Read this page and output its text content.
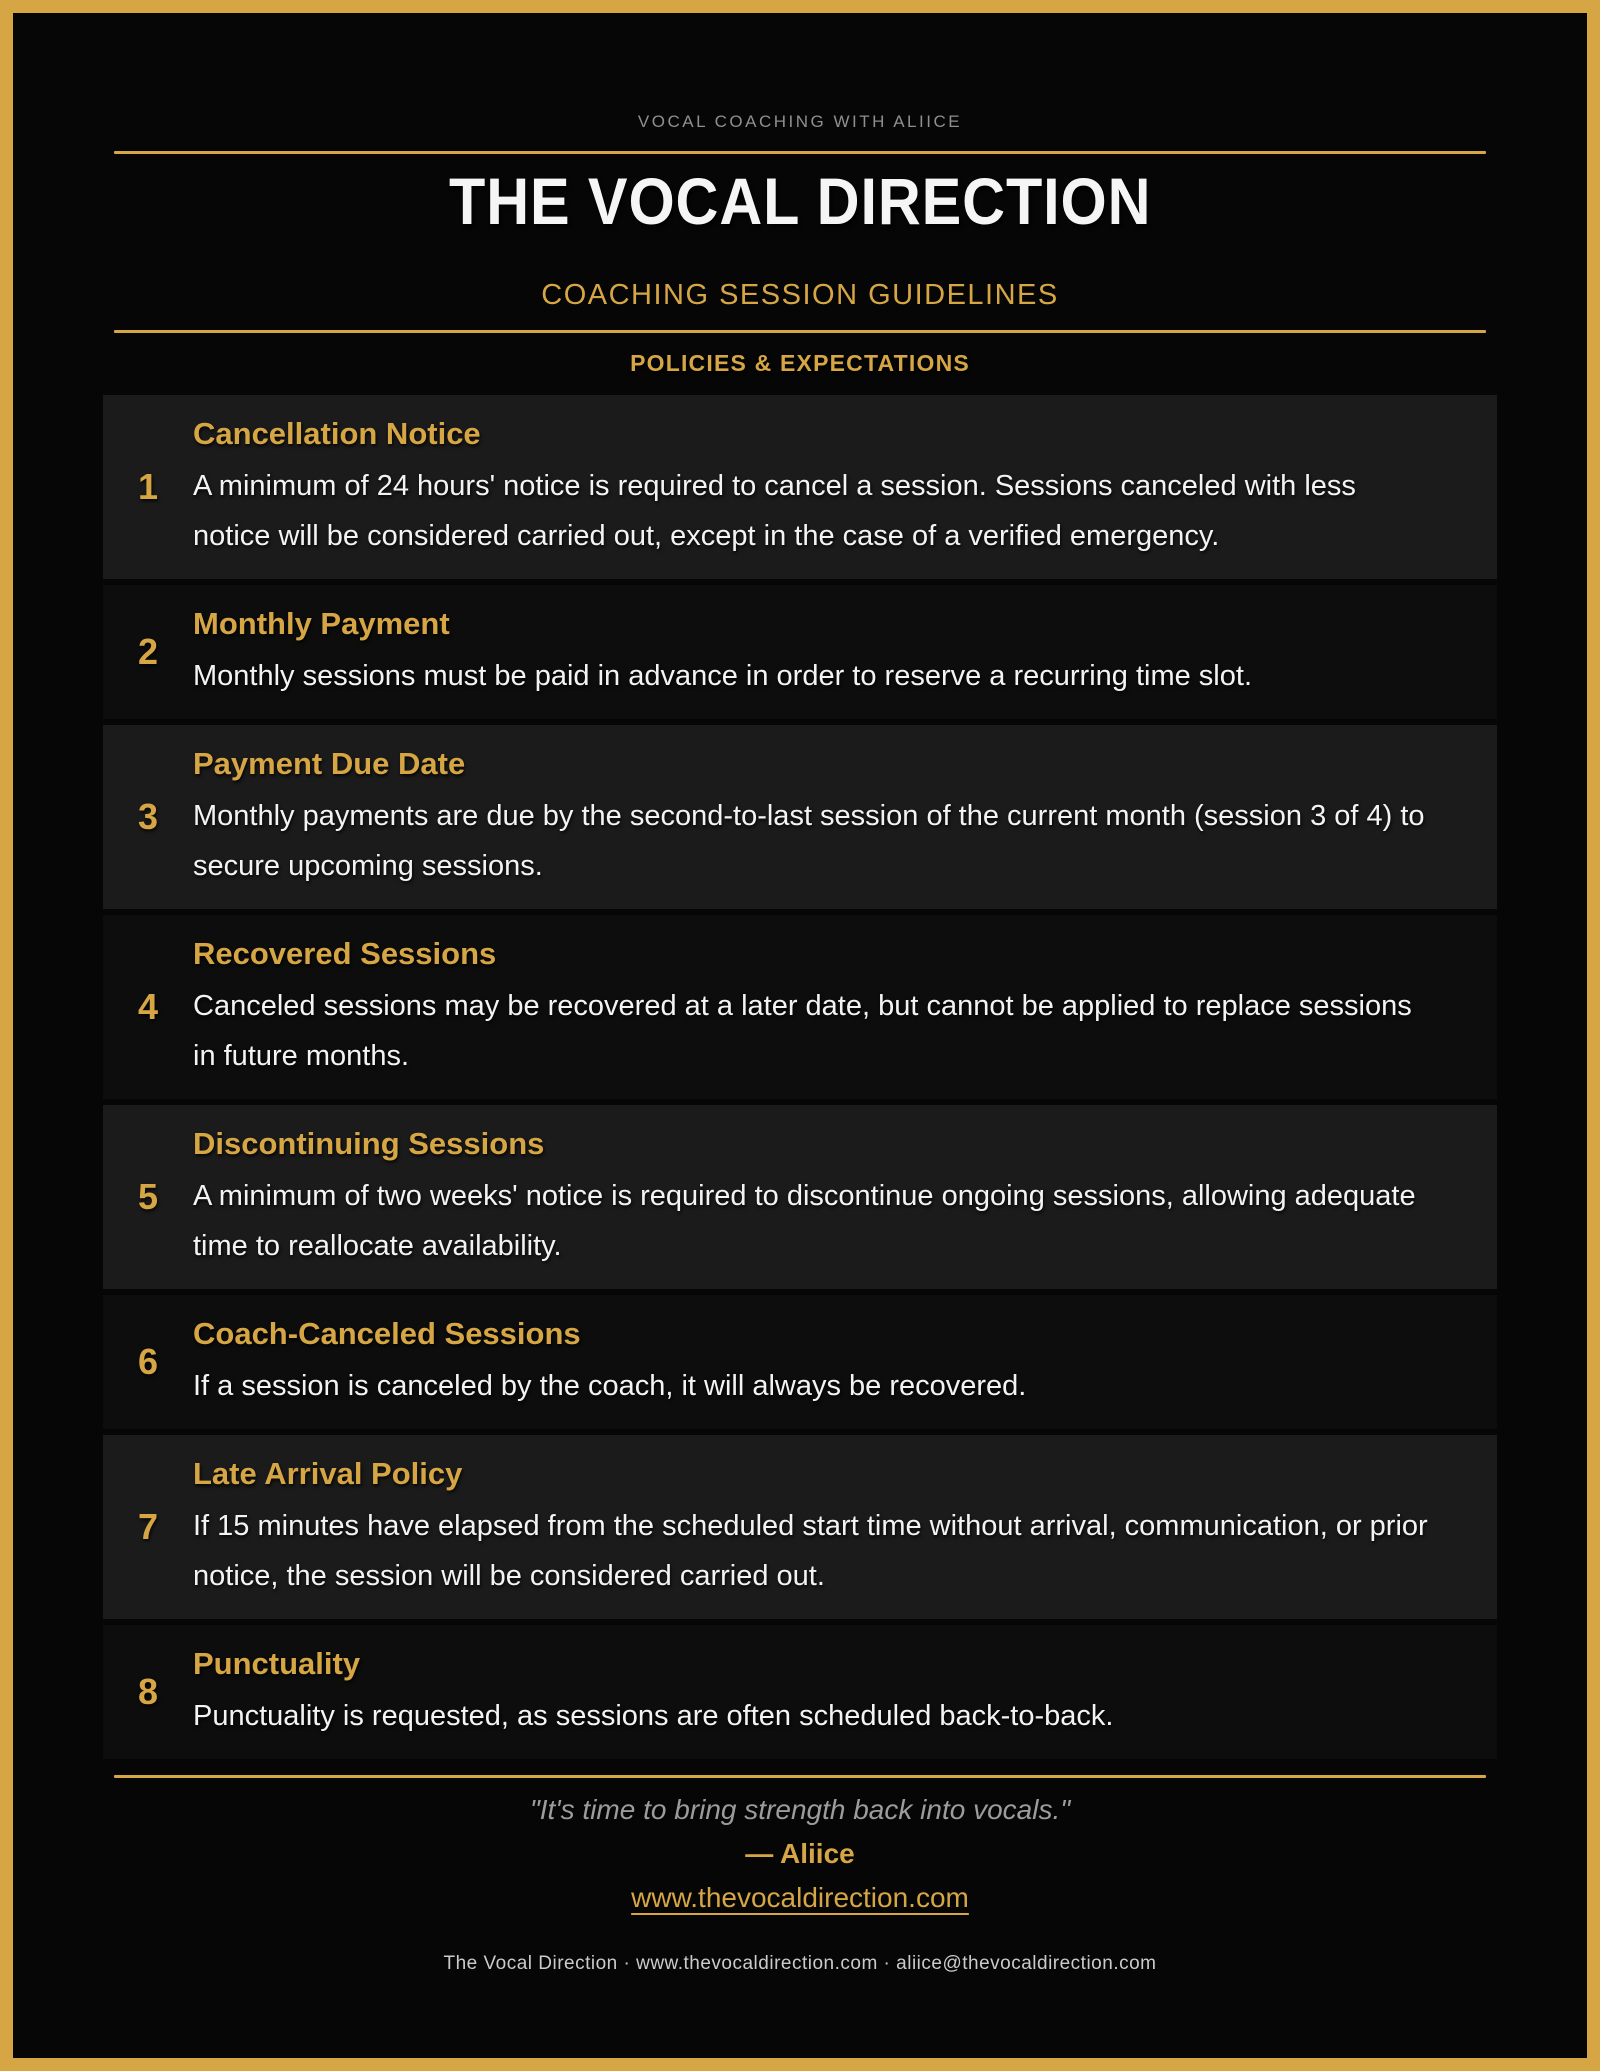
VOCAL COACHING WITH ALIICE
THE VOCAL DIRECTION
COACHING SESSION GUIDELINES
POLICIES & EXPECTATIONS
1
Cancellation Notice

A minimum of 24 hours' notice is required to cancel a session. Sessions canceled with less notice will be considered carried out, except in the case of a verified emergency.

2
Monthly Payment

Monthly sessions must be paid in advance in order to reserve a recurring time slot.

3
Payment Due Date

Monthly payments are due by the second-to-last session of the current month (session 3 of 4) to secure upcoming sessions.

4
Recovered Sessions

Canceled sessions may be recovered at a later date, but cannot be applied to replace sessions in future months.

5
Discontinuing Sessions

A minimum of two weeks' notice is required to discontinue ongoing sessions, allowing adequate time to reallocate availability.

6
Coach-Canceled Sessions

If a session is canceled by the coach, it will always be recovered.

7
Late Arrival Policy

If 15 minutes have elapsed from the scheduled start time without arrival, communication, or prior notice, the session will be considered carried out.

8
Punctuality

Punctuality is requested, as sessions are often scheduled back-to-back.

"It's time to bring strength back into vocals."
— Aliice
www.thevocaldirection.com
The Vocal Direction · www.thevocaldirection.com · aliice@thevocaldirection.com
